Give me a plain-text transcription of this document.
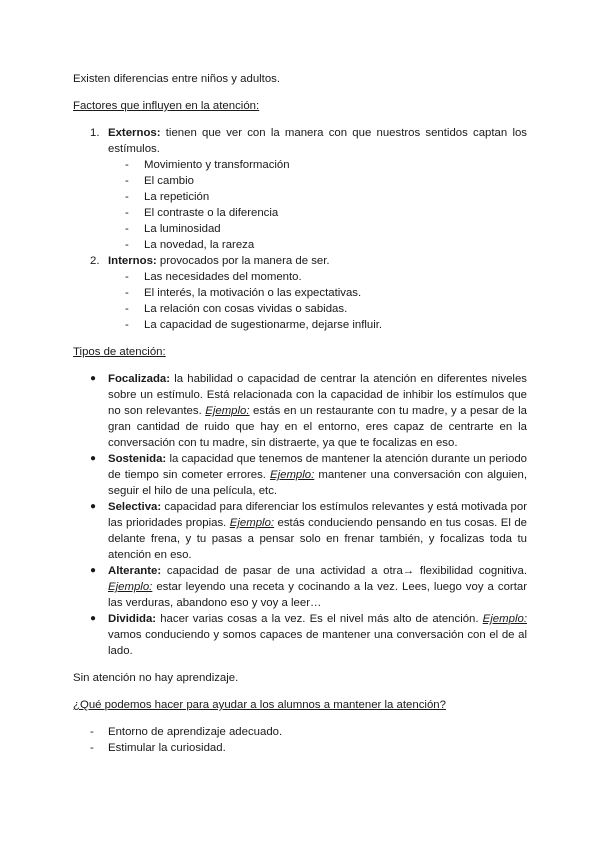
Existen diferencias entre niños y adultos.

Factores que influyen en la atención:

1. Externos: tienen que ver con la manera con que nuestros sentidos captan los estímulos.
- Movimiento y transformación
- El cambio
- La repetición
- El contraste o la diferencia
- La luminosidad
- La novedad, la rareza
2. Internos: provocados por la manera de ser.
- Las necesidades del momento.
- El interés, la motivación o las expectativas.
- La relación con cosas vividas o sabidas.
- La capacidad de sugestionarme, dejarse influir.

Tipos de atención:

● Focalizada: la habilidad o capacidad de centrar la atención en diferentes niveles sobre un estímulo. Está relacionada con la capacidad de inhibir los estímulos que no son relevantes. Ejemplo: estás en un restaurante con tu madre, y a pesar de la gran cantidad de ruido que hay en el entorno, eres capaz de centrarte en la conversación con tu madre, sin distraerte, ya que te focalizas en eso.
● Sostenida: la capacidad que tenemos de mantener la atención durante un periodo de tiempo sin cometer errores. Ejemplo: mantener una conversación con alguien, seguir el hilo de una película, etc.
● Selectiva: capacidad para diferenciar los estímulos relevantes y está motivada por las prioridades propias. Ejemplo: estás conduciendo pensando en tus cosas. El de delante frena, y tu pasas a pensar solo en frenar también, y focalizas toda tu atención en eso.
● Alterante: capacidad de pasar de una actividad a otra→ flexibilidad cognitiva. Ejemplo: estar leyendo una receta y cocinando a la vez. Lees, luego voy a cortar las verduras, abandono eso y voy a leer…
● Dividida: hacer varias cosas a la vez. Es el nivel más alto de atención. Ejemplo: vamos conduciendo y somos capaces de mantener una conversación con el de al lado.

Sin atención no hay aprendizaje.

¿Qué podemos hacer para ayudar a los alumnos a mantener la atención?

- Entorno de aprendizaje adecuado.
- Estimular la curiosidad.
